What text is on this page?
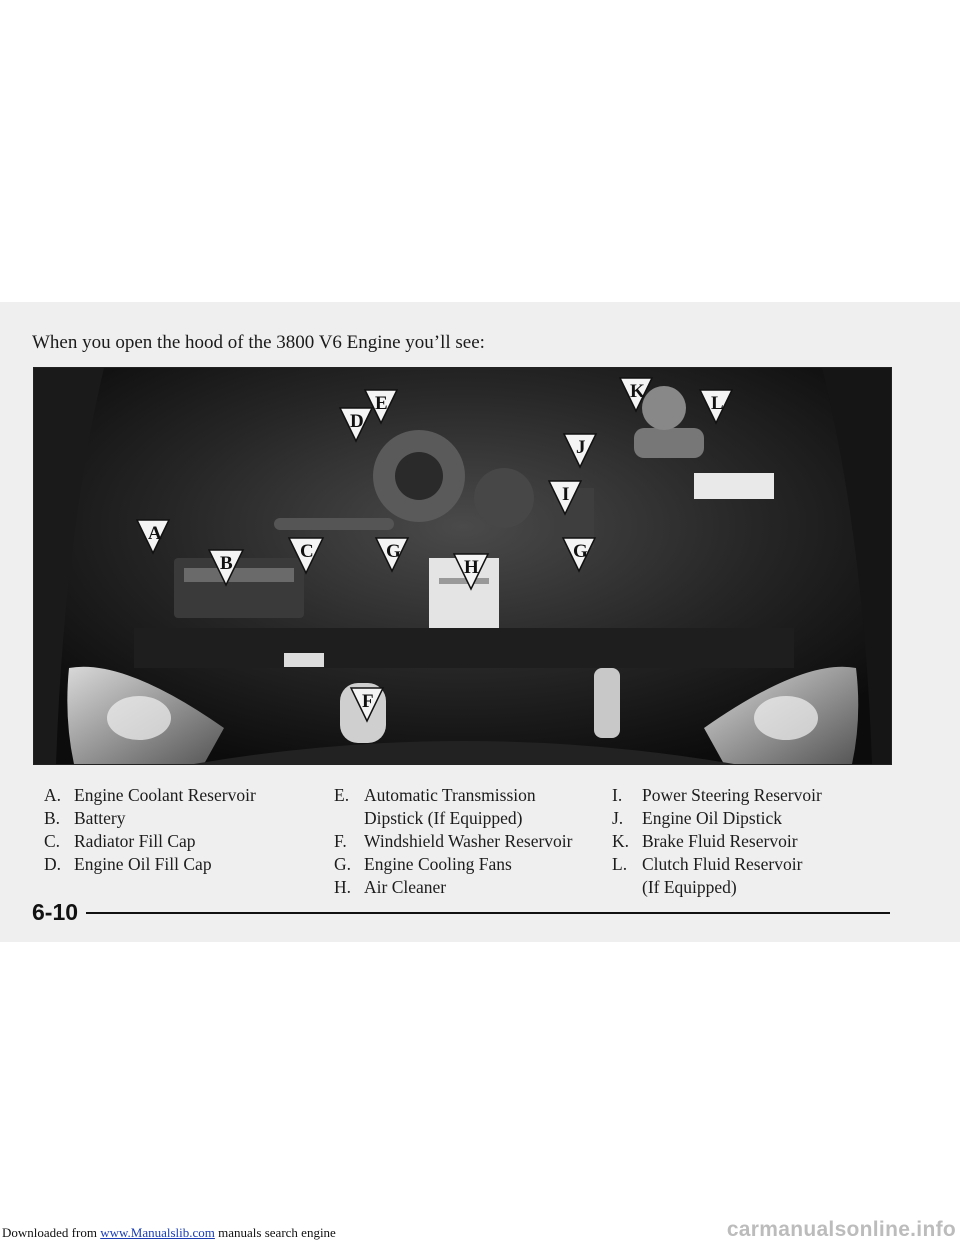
When you open the hood of the 3800 V6 Engine you’ll see:
A
B
C
D
E
F
G	G
H
I
J
K
L
A. Engine Coolant Reservoir
B. Battery
C. Radiator Fill Cap
D. Engine Oil Fill Cap
E. Automatic Transmission
Dipstick (If Equipped)
F. Windshield Washer Reservoir
G. Engine Cooling Fans
H. Air Cleaner
I.	Power Steering Reservoir
J.	Engine Oil Dipstick
K. Brake Fluid Reservoir
L. Clutch Fluid Reservoir
(If Equipped)
6-10
Downloaded from www.Manualslib.com manuals search engine	carmanualsonline.info
